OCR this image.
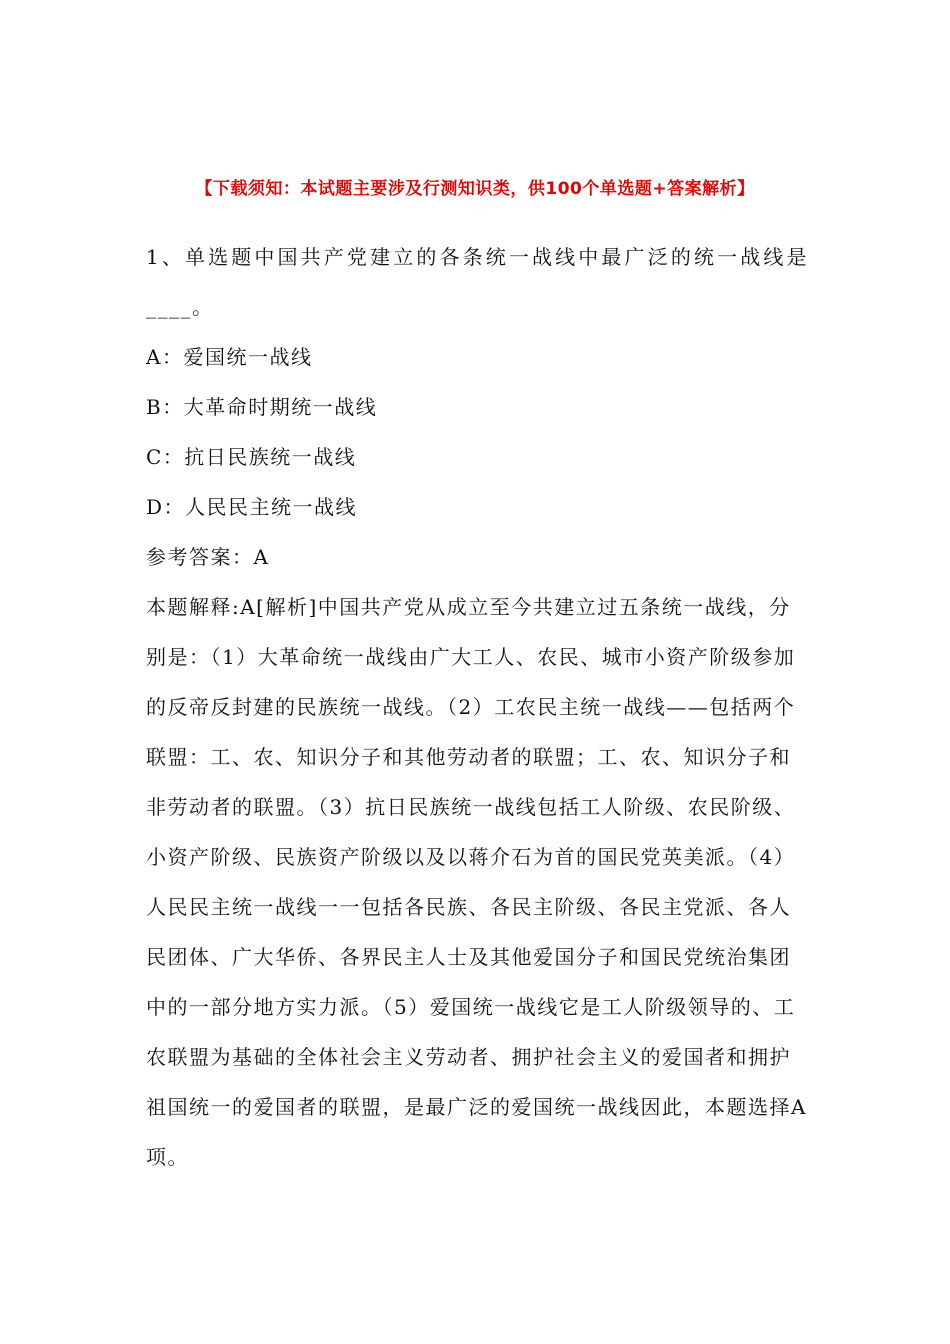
【下载须知：本试题主要涉及行测知识类，供100个单选题+答案解析】

1、单选题中国共产党建立的各条统一战线中最广泛的统一战线是____。

A：爱国统一战线

B：大革命时期统一战线

C：抗日民族统一战线

D：人民民主统一战线

参考答案：A

本题解释:A[解析]中国共产党从成立至今共建立过五条统一战线，分别是：（1）大革命统一战线由广大工人、农民、城市小资产阶级参加的反帝反封建的民族统一战线。（2）工农民主统一战线——包括两个联盟：工、农、知识分子和其他劳动者的联盟；工、农、知识分子和非劳动者的联盟。（3）抗日民族统一战线包括工人阶级、农民阶级、小资产阶级、民族资产阶级以及以蒋介石为首的国民党英美派。（4）人民民主统一战线一一包括各民族、各民主阶级、各民主党派、各人民团体、广大华侨、各界民主人士及其他爱国分子和国民党统治集团中的一部分地方实力派。（5）爱国统一战线它是工人阶级领导的、工农联盟为基础的全体社会主义劳动者、拥护社会主义的爱国者和拥护祖国统一的爱国者的联盟，是最广泛的爱国统一战线因此，本题选择A项。
